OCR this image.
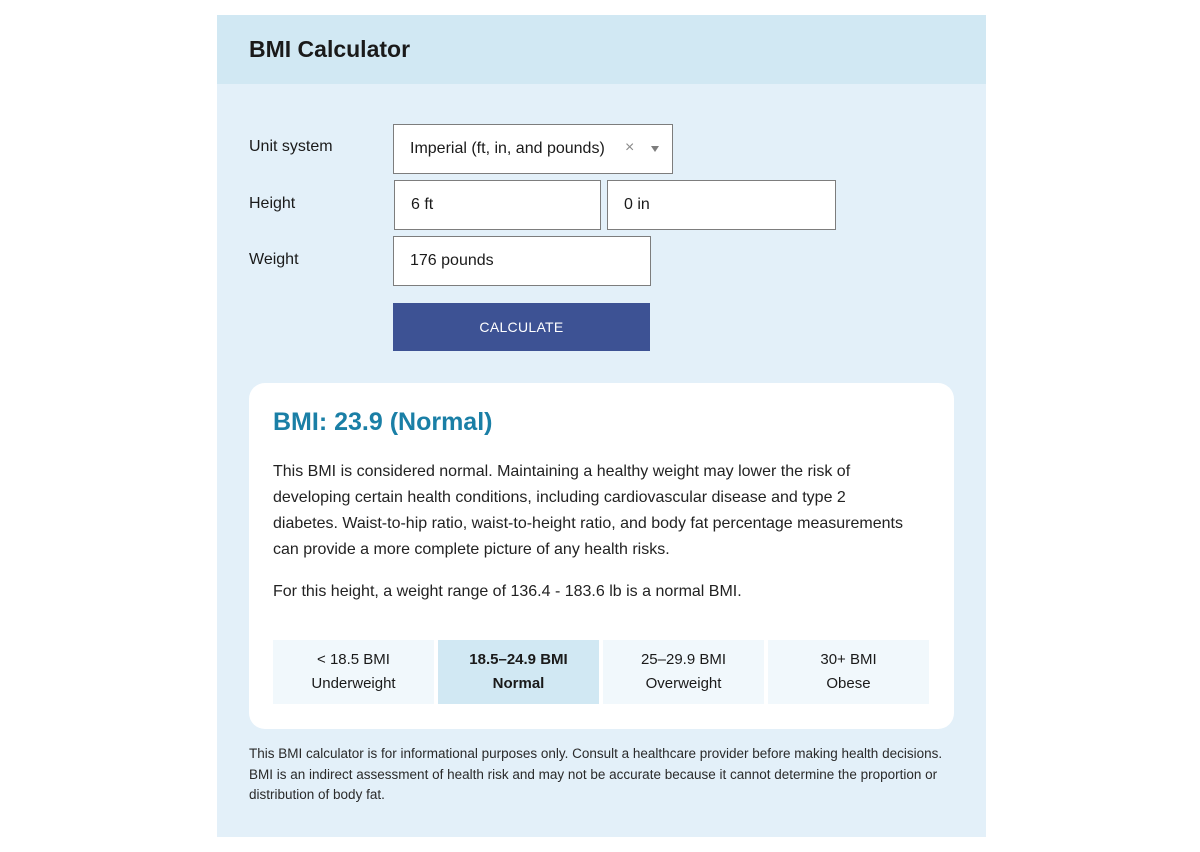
BMI Calculator
Unit system	Imperial (ft, in, and pounds) ×
Height
6 ft
0 in
Weight
176 pounds
CALCULATE
BMI: 23.9 (Normal)

This BMI is considered normal. Maintaining a healthy weight may lower the risk of developing certain health conditions, including cardiovascular disease and type 2 diabetes. Waist-to-hip ratio, waist-to-height ratio, and body fat percentage measurements can provide a more complete picture of any health risks.

For this height, a weight range of 136.4 - 183.6 lb is a normal BMI.

< 18.5 BMI
Underweight
18.5–24.9 BMI
Normal
25–29.9 BMI
Overweight
30+ BMI
Obese

This BMI calculator is for informational purposes only. Consult a healthcare provider before making health decisions. BMI is an indirect assessment of health risk and may not be accurate because it cannot determine the proportion or distribution of body fat.
